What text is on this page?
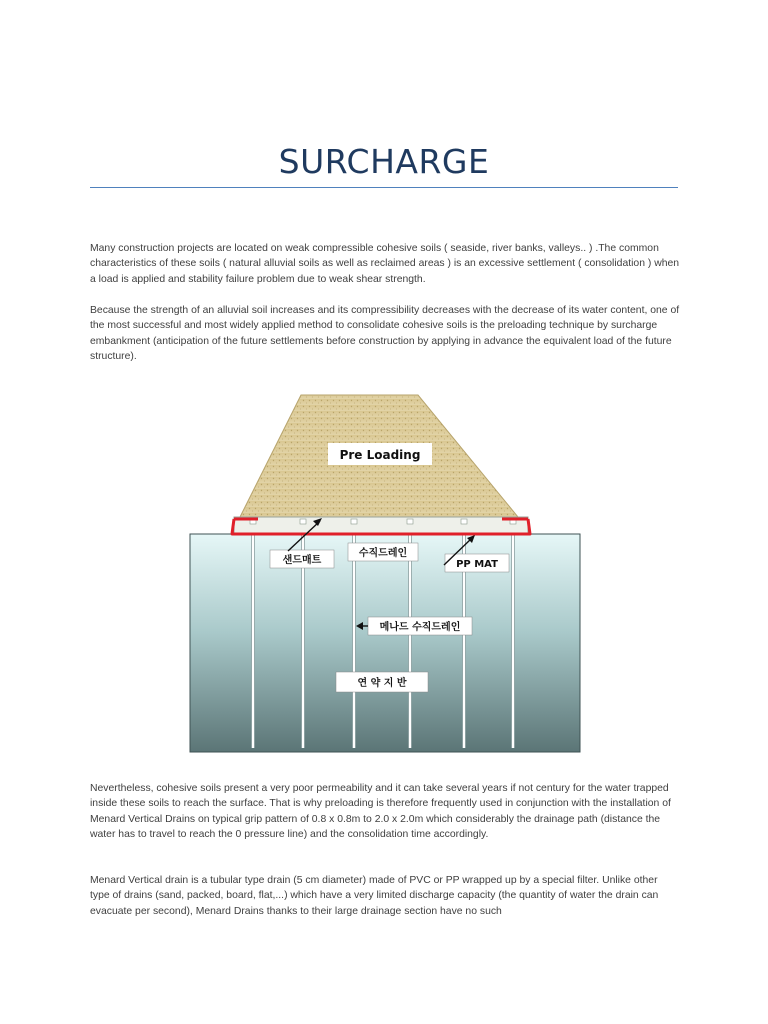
SURCHARGE

Many construction projects are located on weak compressible cohesive soils ( seaside, river banks, valleys.. ) .The common characteristics of these soils ( natural alluvial soils as well as reclaimed areas ) is an excessive settlement ( consolidation ) when a load is applied and stability failure problem due to weak shear strength.

Because the strength of an alluvial soil increases and its compressibility decreases with the decrease of its water content, one of the most successful and most widely applied method to consolidate cohesive soils is the preloading technique by surcharge embankment (anticipation of the future settlements before construction by applying in advance the equivalent load of the future structure).

Pre Loading
샌드매트
수직드레인
PP MAT
메나드 수직드레인
연 약 지 반

Nevertheless, cohesive soils present a very poor permeability and it can take several years if not century for the water trapped inside these soils to reach the surface. That is why preloading is therefore frequently used in conjunction with the installation of Menard Vertical Drains on typical grip pattern of 0.8 x 0.8m to 2.0 x 2.0m which considerably the drainage path (distance the water has to travel to reach the 0 pressure line) and the consolidation time accordingly.

Menard Vertical drain is a tubular type drain (5 cm diameter) made of PVC or PP wrapped up by a special filter. Unlike other type of drains (sand, packed, board, flat,...) which have a very limited discharge capacity (the quantity of water the drain can evacuate per second), Menard Drains thanks to their large drainage section have no such
